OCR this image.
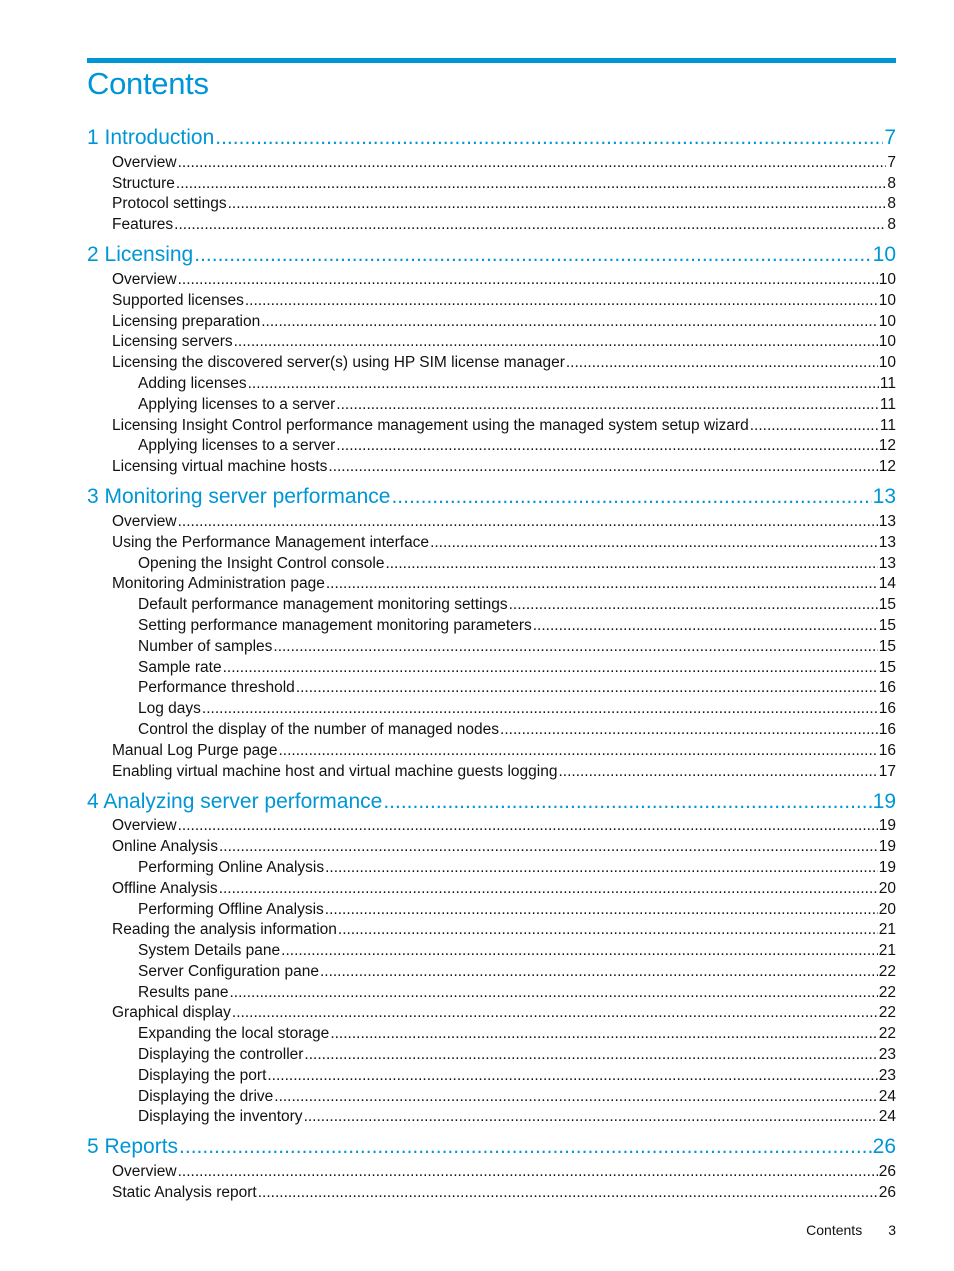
Contents
1 Introduction .....	7
Overview .....	7
Structure .....	8
Protocol settings .....	8
Features .....	8
2 Licensing .....	10
Overview .....	10
Supported licenses .....	10
Licensing preparation .....	10
Licensing servers .....	10
Licensing the discovered server(s) using HP SIM license manager .....	10
Adding licenses .....	11
Applying licenses to a server .....	11
Licensing Insight Control performance management using the managed system setup wizard .....	11
Applying licenses to a server .....	12
Licensing virtual machine hosts .....	12
3 Monitoring server performance .....	13
Overview .....	13
Using the Performance Management interface .....	13
Opening the Insight Control console .....	13
Monitoring Administration page .....	14
Default performance management monitoring settings .....	15
Setting performance management monitoring parameters .....	15
Number of samples .....	15
Sample rate .....	15
Performance threshold .....	16
Log days .....	16
Control the display of the number of managed nodes .....	16
Manual Log Purge page .....	16
Enabling virtual machine host and virtual machine guests logging .....	17
4 Analyzing server performance .....	19
Overview .....	19
Online Analysis .....	19
Performing Online Analysis .....	19
Offline Analysis .....	20
Performing Offline Analysis .....	20
Reading the analysis information .....	21
System Details pane .....	21
Server Configuration pane .....	22
Results pane .....	22
Graphical display .....	22
Expanding the local storage .....	22
Displaying the controller .....	23
Displaying the port .....	23
Displaying the drive .....	24
Displaying the inventory .....	24
5 Reports .....	26
Overview .....	26
Static Analysis report .....	26
Contents 3
